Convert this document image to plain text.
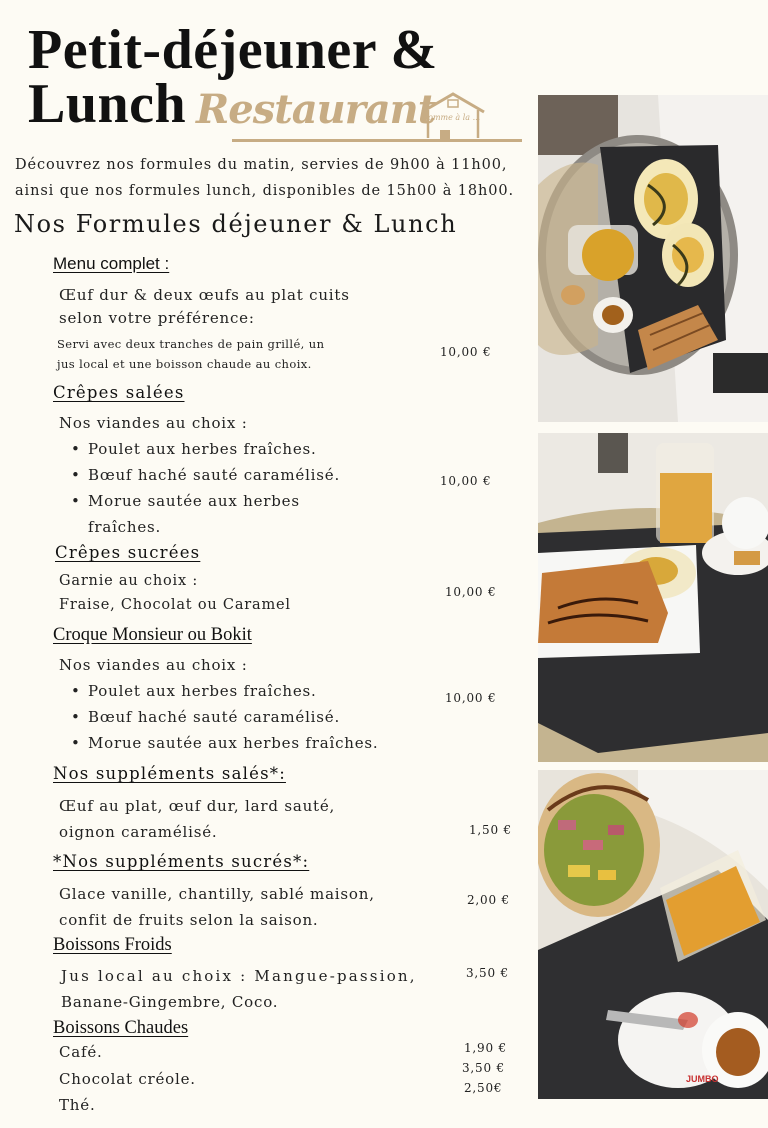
Petit-déjeuner &
Lunch Restaurant
Comme à la ...
Découvrez nos formules du matin, servies de 9h00 à 11h00,
ainsi que nos formules lunch, disponibles de 15h00 à 18h00.
Nos Formules déjeuner & Lunch
Menu complet :
Œuf dur & deux œufs au plat cuits
selon votre préférence:
Servi avec deux tranches de pain grillé, un
jus local et une boisson chaude au choix.
10,00 €
Crêpes salées
Nos viandes au choix :
• Poulet aux herbes fraîches.
• Bœuf haché sauté caramélisé.
• Morue sautée aux herbes
fraîches.
10,00 €
Crêpes sucrées
Garnie au choix :
Fraise, Chocolat ou Caramel
10,00 €
Croque Monsieur ou Bokit
Nos viandes au choix :
• Poulet aux herbes fraîches.
• Bœuf haché sauté caramélisé.
• Morue sautée aux herbes fraîches.
10,00 €
Nos suppléments salés*:
Œuf au plat, œuf dur, lard sauté,
oignon caramélisé.	1,50 €
*Nos suppléments sucrés*:
Glace vanille, chantilly, sablé maison,
confit de fruits selon la saison.
2,00 €
Boissons Froids
Jus local au choix : Mangue-passion,
Banane-Gingembre, Coco.
3,50 €
Boissons Chaudes
Café.
Chocolat créole.
Thé.
1,90 €
3,50 €
2,50€
JUMBO
